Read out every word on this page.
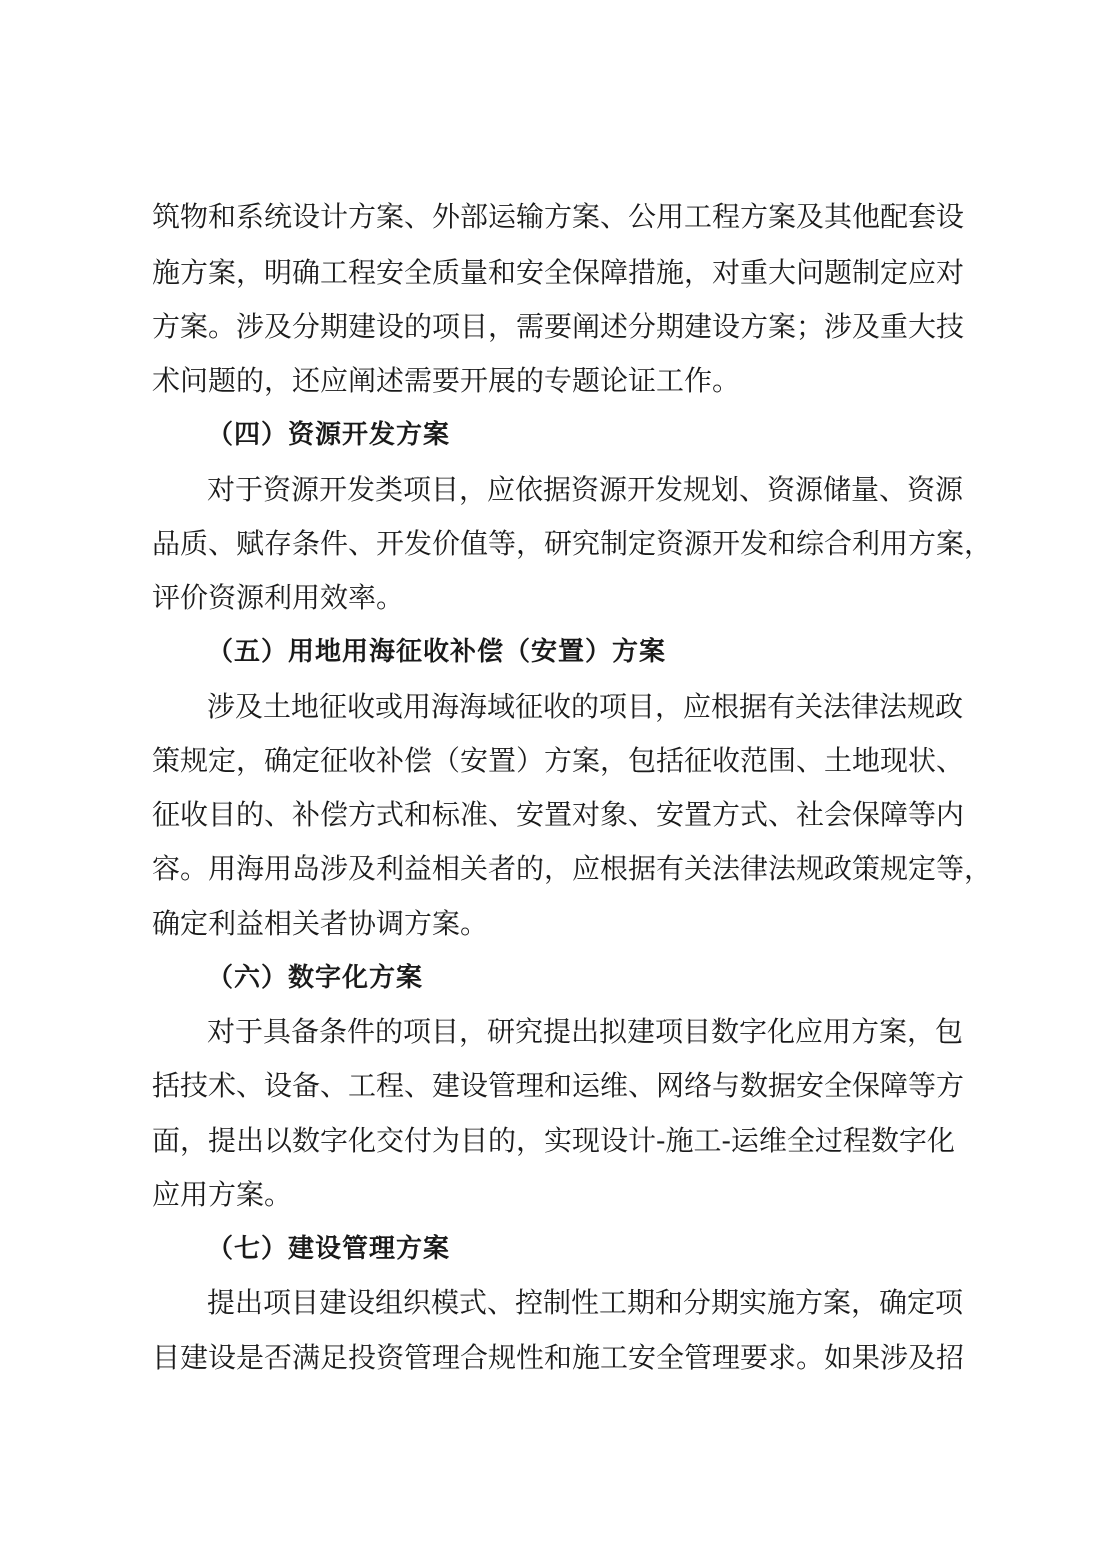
筑物和系统设计方案、外部运输方案、公用工程方案及其他配套设
施方案，明确工程安全质量和安全保障措施，对重大问题制定应对
方案。涉及分期建设的项目，需要阐述分期建设方案；涉及重大技
术问题的，还应阐述需要开展的专题论证工作。
（四）资源开发方案
对于资源开发类项目，应依据资源开发规划、资源储量、资源
品质、赋存条件、开发价值等，研究制定资源开发和综合利用方案，
评价资源利用效率。
（五）用地用海征收补偿（安置）方案
涉及土地征收或用海海域征收的项目，应根据有关法律法规政
策规定，确定征收补偿（安置）方案，包括征收范围、土地现状、
征收目的、补偿方式和标准、安置对象、安置方式、社会保障等内
容。用海用岛涉及利益相关者的，应根据有关法律法规政策规定等，
确定利益相关者协调方案。
（六）数字化方案
对于具备条件的项目，研究提出拟建项目数字化应用方案，包
括技术、设备、工程、建设管理和运维、网络与数据安全保障等方
面，提出以数字化交付为目的，实现设计-施工-运维全过程数字化
应用方案。
（七）建设管理方案
提出项目建设组织模式、控制性工期和分期实施方案，确定项
目建设是否满足投资管理合规性和施工安全管理要求。如果涉及招
